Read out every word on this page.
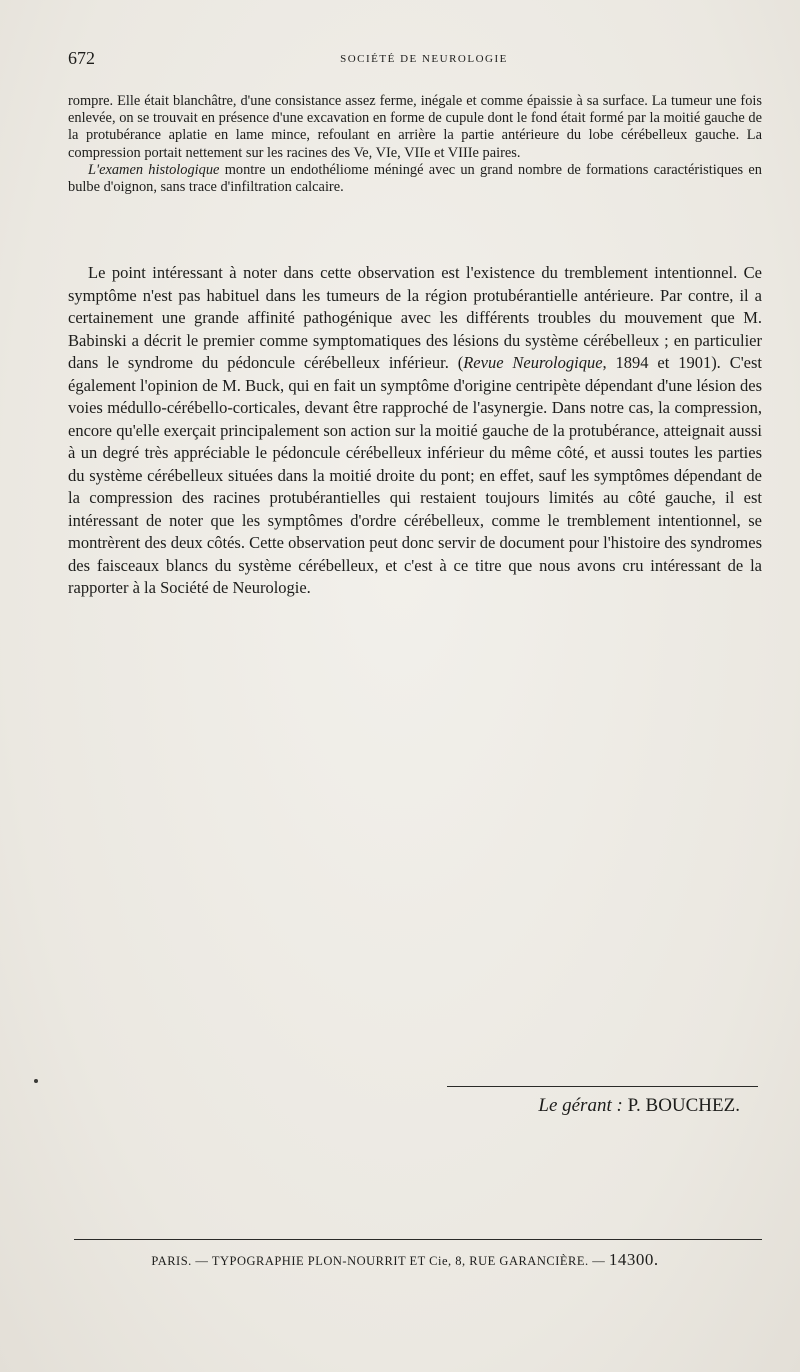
672	SOCIÉTÉ DE NEUROLOGIE

rompre. Elle était blanchâtre, d'une consistance assez ferme, inégale et comme épaissie à sa surface. La tumeur une fois enlevée, on se trouvait en présence d'une excavation en forme de cupule dont le fond était formé par la moitié gauche de la protubérance aplatie en lame mince, refoulant en arrière la partie antérieure du lobe cérébelleux gauche. La compression portait nettement sur les racines des Ve, VIe, VIIe et VIIIe paires.

L'examen histologique montre un endothéliome méningé avec un grand nombre de formations caractéristiques en bulbe d'oignon, sans trace d'infiltration calcaire.

Le point intéressant à noter dans cette observation est l'existence du tremblement intentionnel. Ce symptôme n'est pas habituel dans les tumeurs de la région protubérantielle antérieure. Par contre, il a certainement une grande affinité pathogénique avec les différents troubles du mouvement que M. Babinski a décrit le premier comme symptomatiques des lésions du système cérébelleux ; en particulier dans le syndrome du pédoncule cérébelleux inférieur. (Revue Neurologique, 1894 et 1901). C'est également l'opinion de M. Buck, qui en fait un symptôme d'origine centripète dépendant d'une lésion des voies médullo-cérébello-corticales, devant être rapproché de l'asynergie. Dans notre cas, la compression, encore qu'elle exerçait principalement son action sur la moitié gauche de la protubérance, atteignait aussi à un degré très appréciable le pédoncule cérébelleux inférieur du même côté, et aussi toutes les parties du système cérébelleux situées dans la moitié droite du pont; en effet, sauf les symptômes dépendant de la compression des racines protubérantielles qui restaient toujours limités au côté gauche, il est intéressant de noter que les symptômes d'ordre cérébelleux, comme le tremblement intentionnel, se montrèrent des deux côtés. Cette observation peut donc servir de document pour l'histoire des syndromes des faisceaux blancs du système cérébelleux, et c'est à ce titre que nous avons cru intéressant de la rapporter à la Société de Neurologie.

Le gérant : P. BOUCHEZ.
PARIS. — TYPOGRAPHIE PLON-NOURRIT ET Cie, 8, RUE GARANCIÈRE. — 14300.
